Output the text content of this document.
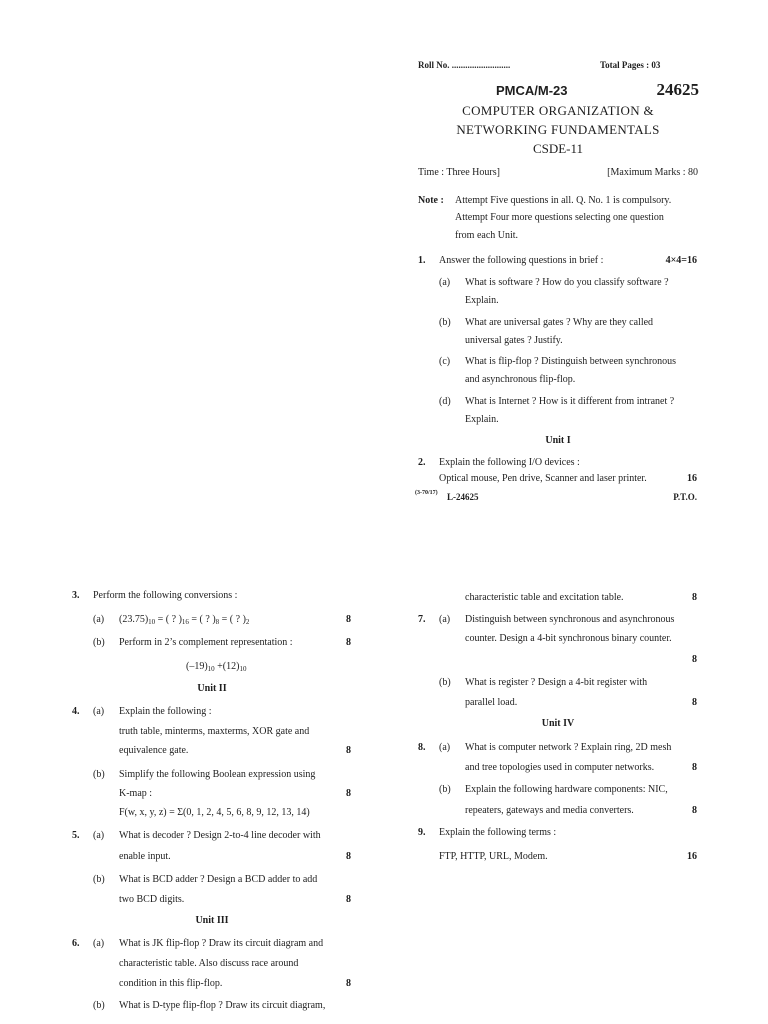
Roll No. ..........................	Total Pages : 03
PMCA/M-23	24625
COMPUTER ORGANIZATION &
NETWORKING FUNDAMENTALS
CSDE-11
Time : Three Hours]	[Maximum Marks : 80
Note : Attempt Five questions in all. Q. No. 1 is compulsory.
Attempt Four more questions selecting one question
from each Unit.
1. Answer the following questions in brief :	4×4=16
(a) What is software ? How do you classify software ?
Explain.
(b) What are universal gates ? Why are they called
universal gates ? Justify.
(c) What is flip-flop ? Distinguish between synchronous
and asynchronous flip-flop.
(d) What is Internet ? How is it different from intranet ?
Explain.
Unit I
2. Explain the following I/O devices :
Optical mouse, Pen drive, Scanner and laser printer.	16
(3-70/17) L-24625	P.T.O.
3. Perform the following conversions :
(a) $(23.75)_{10}$ = ( ? )$_{16}$ = ( ? )$_8$ = ( ? )$_2$	8
(b) Perform in 2’s complement representation :	8
$(-19)_{10} +(12)_{10}$
Unit II
4. (a) Explain the following :
truth table, minterms, maxterms, XOR gate and
equivalence gate.	8
(b) Simplify the following Boolean expression using
K-map :	8
F(w, x, y, z) = Σ(0, 1, 2, 4, 5, 6, 8, 9, 12, 13, 14)
5. (a) What is decoder ? Design 2-to-4 line decoder with
enable input.	8
(b) What is BCD adder ? Design a BCD adder to add
two BCD digits.	8
Unit III
6. (a) What is JK flip-flop ? Draw its circuit diagram and
characteristic table. Also discuss race around
condition in this flip-flop.	8
(b) What is D-type flip-flop ? Draw its circuit diagram,
characteristic table and excitation table.	8
7. (a) Distinguish between synchronous and asynchronous
counter. Design a 4-bit synchronous binary counter.
8
(b) What is register ? Design a 4-bit register with
parallel load.	8
Unit IV
8. (a) What is computer network ? Explain ring, 2D mesh
and tree topologies used in computer networks.	8
(b) Explain the following hardware components: NIC,
repeaters, gateways and media converters.	8
9. Explain the following terms :
FTP, HTTP, URL, Modem.	16
